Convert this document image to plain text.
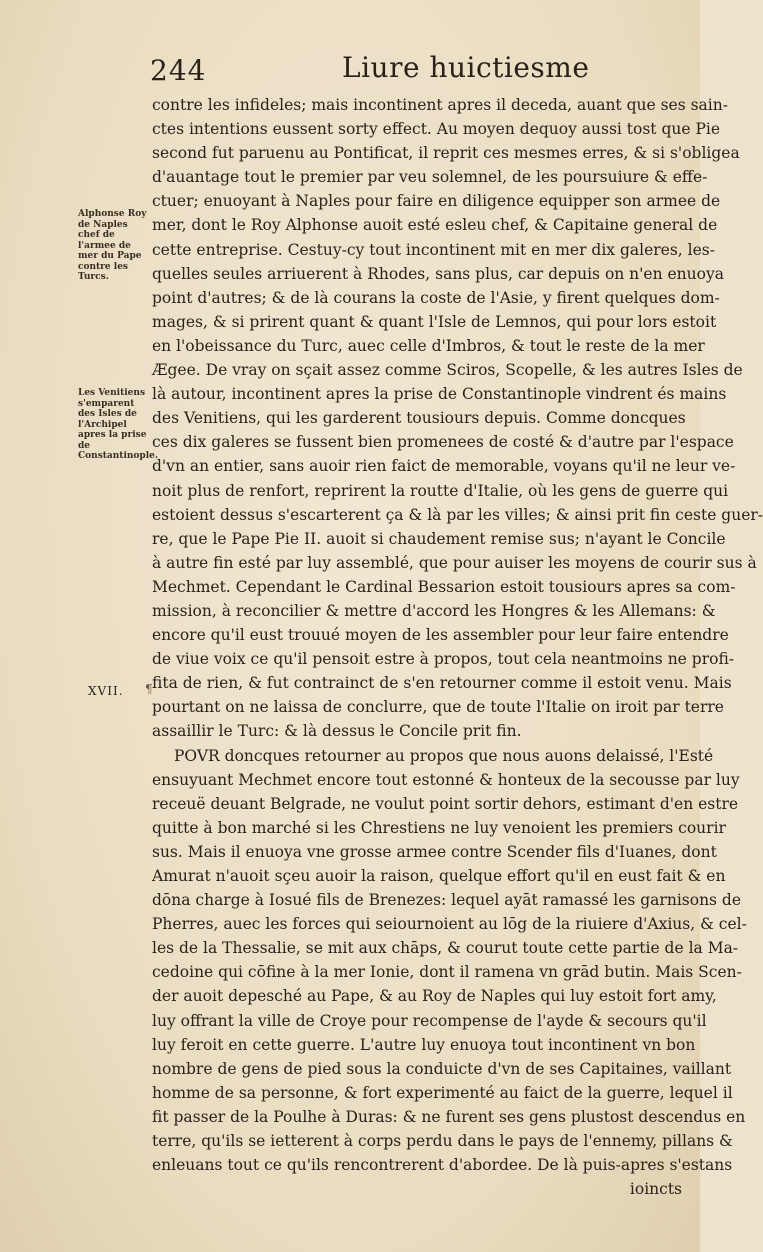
244	Liure huictiesme
Alphonse Roy de Naples chef de l'armee de mer du Pape contre les Turcs.
Les Venitiens s'emparent des Isles de l'Archipel apres la prise de Constantinople.
XVII. ¶
contre les infideles; mais incontinent apres il deceda, auant que ses sain-
ctes intentions eussent sorty effect. Au moyen dequoy aussi tost que Pie
second fut paruenu au Pontificat, il reprit ces mesmes erres, & si s'obligea
d'auantage tout le premier par veu solemnel, de les poursuiure & effe-
ctuer; enuoyant à Naples pour faire en diligence equipper son armee de
mer, dont le Roy Alphonse auoit esté esleu chef, & Capitaine general de
cette entreprise. Cestuy-cy tout incontinent mit en mer dix galeres, les-
quelles seules arriuerent à Rhodes, sans plus, car depuis on n'en enuoya
point d'autres; & de là courans la coste de l'Asie, y firent quelques dom-
mages, & si prirent quant & quant l'Isle de Lemnos, qui pour lors estoit
en l'obeissance du Turc, auec celle d'Imbros, & tout le reste de la mer
Ægee. De vray on sçait assez comme Sciros, Scopelle, & les autres Isles de
là autour, incontinent apres la prise de Constantinople vindrent és mains
des Venitiens, qui les garderent tousiours depuis. Comme doncques
ces dix galeres se fussent bien promenees de costé & d'autre par l'espace
d'vn an entier, sans auoir rien faict de memorable, voyans qu'il ne leur ve-
noit plus de renfort, reprirent la routte d'Italie, où les gens de guerre qui
estoient dessus s'escarterent ça & là par les villes; & ainsi prit fin ceste guer-
re, que le Pape Pie II. auoit si chaudement remise sus; n'ayant le Concile
à autre fin esté par luy assemblé, que pour auiser les moyens de courir sus à
Mechmet. Cependant le Cardinal Bessarion estoit tousiours apres sa com-
mission, à reconcilier & mettre d'accord les Hongres & les Allemans: &
encore qu'il eust trouué moyen de les assembler pour leur faire entendre
de viue voix ce qu'il pensoit estre à propos, tout cela neantmoins ne profi-
fita de rien, & fut contrainct de s'en retourner comme il estoit venu. Mais
pourtant on ne laissa de conclurre, que de toute l'Italie on iroit par terre
assaillir le Turc: & là dessus le Concile prit fin.
POVR doncques retourner au propos que nous auons delaissé, l'Esté
ensuyuant Mechmet encore tout estonné & honteux de la secousse par luy
receuë deuant Belgrade, ne voulut point sortir dehors, estimant d'en estre
quitte à bon marché si les Chrestiens ne luy venoient les premiers courir
sus. Mais il enuoya vne grosse armee contre Scender fils d'Iuanes, dont
Amurat n'auoit sçeu auoir la raison, quelque effort qu'il en eust fait & en
dōna charge à Iosué fils de Brenezes: lequel ayāt ramassé les garnisons de
Pherres, auec les forces qui seiournoient au lōg de la riuiere d'Axius, & cel-
les de la Thessalie, se mit aux chāps, & courut toute cette partie de la Ma-
cedoine qui cōfine à la mer Ionie, dont il ramena vn grād butin. Mais Scen-
der auoit depesché au Pape, & au Roy de Naples qui luy estoit fort amy,
luy offrant la ville de Croye pour recompense de l'ayde & secours qu'il
luy feroit en cette guerre. L'autre luy enuoya tout incontinent vn bon
nombre de gens de pied sous la conduicte d'vn de ses Capitaines, vaillant
homme de sa personne, & fort experimenté au faict de la guerre, lequel il
fit passer de la Poulhe à Duras: & ne furent ses gens plustost descendus en
terre, qu'ils se ietterent à corps perdu dans le pays de l'ennemy, pillans &
enleuans tout ce qu'ils rencontrerent d'abordee. De là puis-apres s'estans
ioincts
